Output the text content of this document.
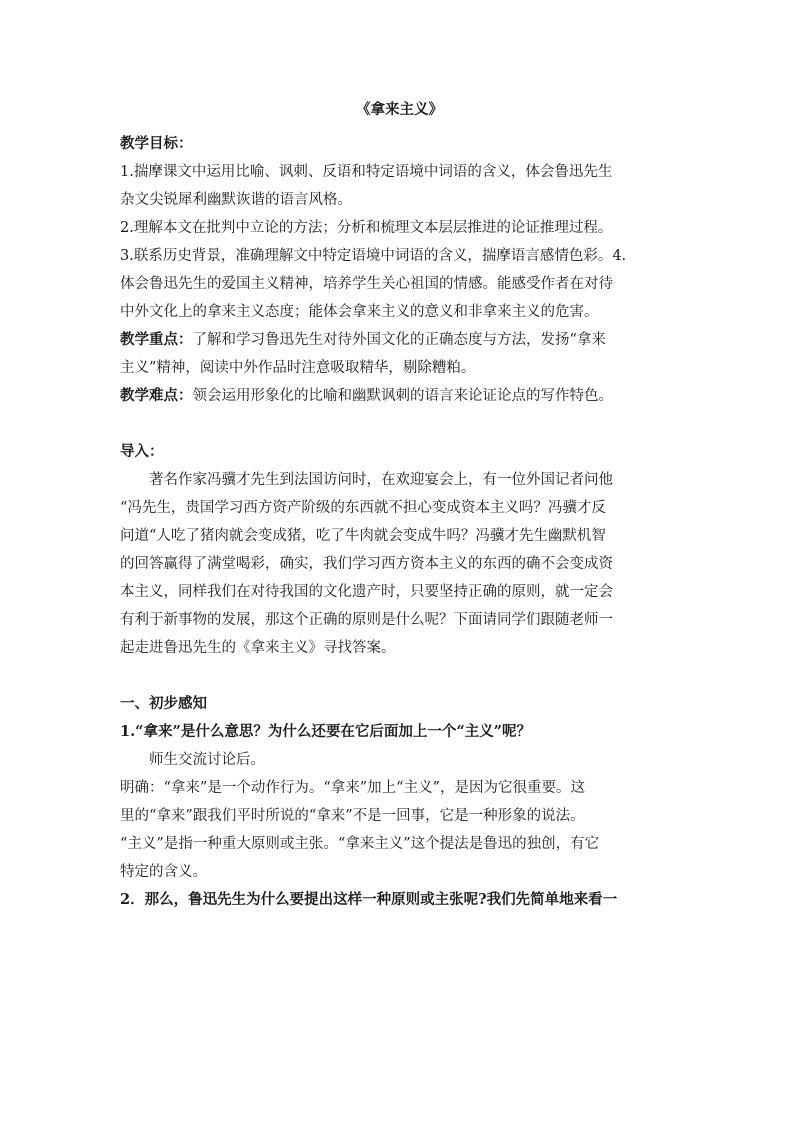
《拿来主义》

教学目标：

1.揣摩课文中运用比喻、讽刺、反语和特定语境中词语的含义，体会鲁迅先生

杂文尖锐犀利幽默诙谐的语言风格。

2.理解本文在批判中立论的方法；分析和梳理文本层层推进的论证推理过程。

3.联系历史背景，准确理解文中特定语境中词语的含义，揣摩语言感情色彩。4.

体会鲁迅先生的爱国主义精神，培养学生关心祖国的情感。能感受作者在对待

中外文化上的拿来主义态度；能体会拿来主义的意义和非拿来主义的危害。

教学重点：了解和学习鲁迅先生对待外国文化的正确态度与方法，发扬“拿来

主义”精神，阅读中外作品时注意吸取精华，剔除糟粕。

教学难点：领会运用形象化的比喻和幽默讽刺的语言来论证论点的写作特色。

导入：

著名作家冯骥才先生到法国访问时，在欢迎宴会上，有一位外国记者问他

“冯先生，贵国学习西方资产阶级的东西就不担心变成资本主义吗？冯骥才反

问道“人吃了猪肉就会变成猪，吃了牛肉就会变成牛吗？冯骥才先生幽默机智

的回答赢得了满堂喝彩，确实，我们学习西方资本主义的东西的确不会变成资

本主义，同样我们在对待我国的文化遗产时，只要坚持正确的原则，就一定会

有利于新事物的发展，那这个正确的原则是什么呢？下面请同学们跟随老师一

起走进鲁迅先生的《拿来主义》寻找答案。

一、初步感知

1.“拿来”是什么意思？为什么还要在它后面加上一个“主义”呢？

师生交流讨论后。

明确：“拿来”是一个动作行为。“拿来”加上“主义”，是因为它很重要。这

里的“拿来”跟我们平时所说的“拿来”不是一回事，它是一种形象的说法。

“主义”是指一种重大原则或主张。“拿来主义”这个提法是鲁迅的独创，有它

特定的含义。

2．那么，鲁迅先生为什么要提出这样一种原则或主张呢?我们先简单地来看一
